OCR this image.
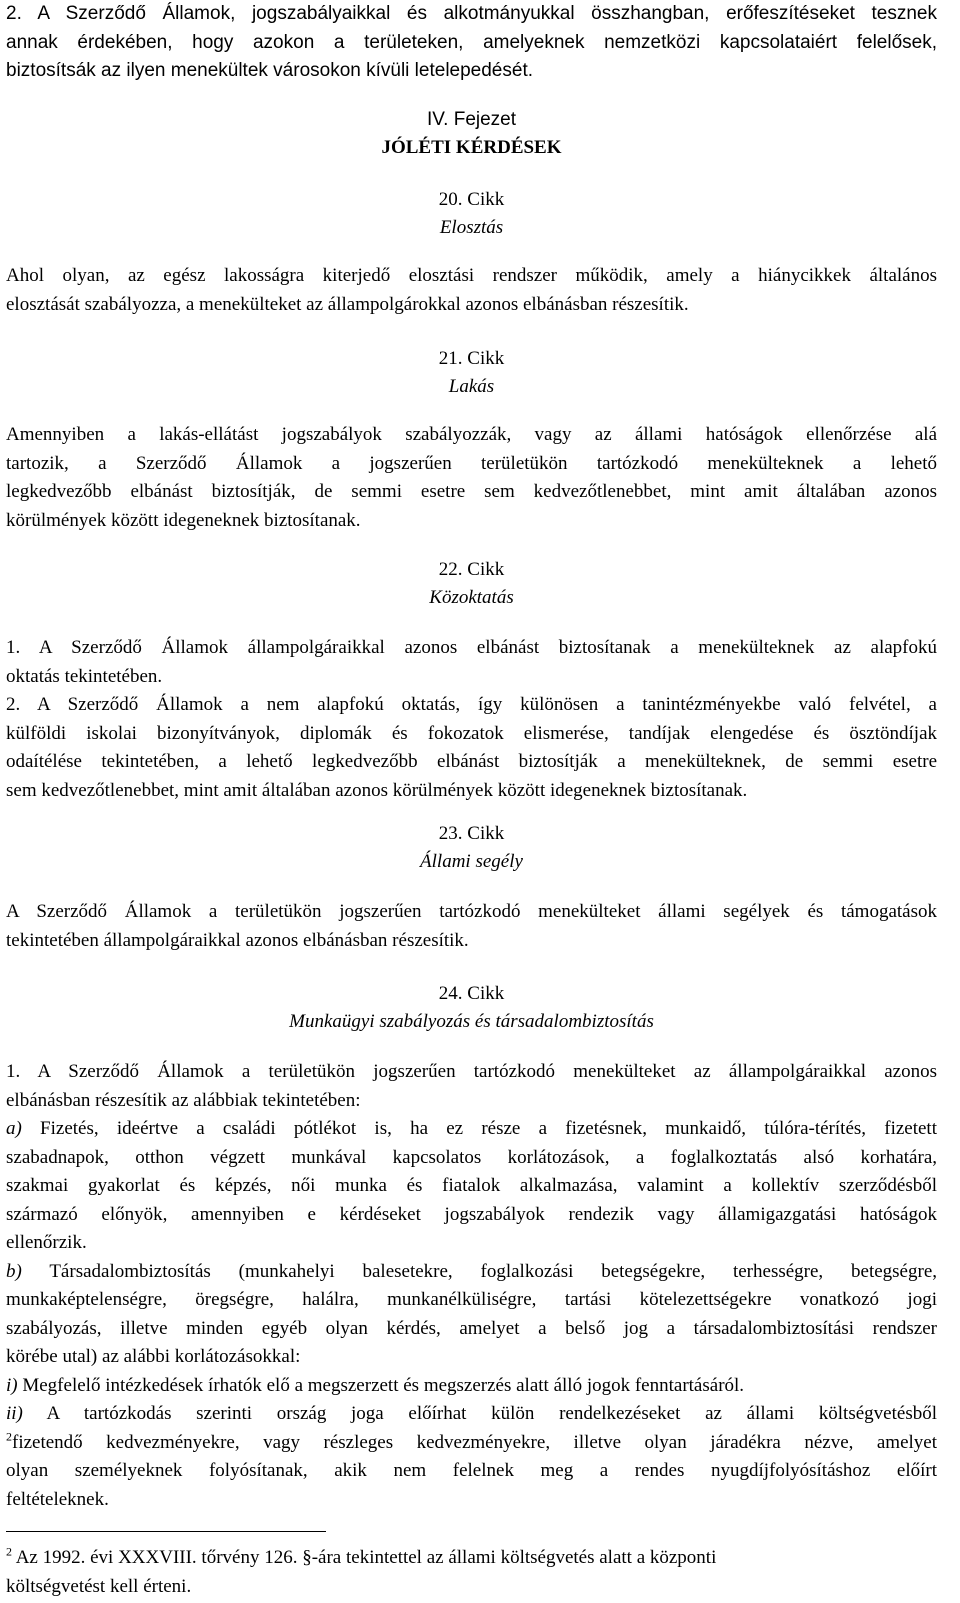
2. A Szerződő Államok, jogszabályaikkal és alkotmányukkal összhangban, erőfeszítéseket tesznek

annak érdekében, hogy azokon a területeken, amelyeknek nemzetközi kapcsolataiért felelősek,

biztosítsák az ilyen menekültek városokon kívüli letelepedését.

IV. Fejezet
JÓLÉTI KÉRDÉSEK
20. Cikk
Elosztás

Ahol olyan, az egész lakosságra kiterjedő elosztási rendszer működik, amely a hiánycikkek általános

elosztását szabályozza, a menekülteket az állampolgárokkal azonos elbánásban részesítik.

21. Cikk
Lakás

Amennyiben a lakás-ellátást jogszabályok szabályozzák, vagy az állami hatóságok ellenőrzése alá

tartozik, a Szerződő Államok a jogszerűen területükön tartózkodó menekülteknek a lehető

legkedvezőbb elbánást biztosítják, de semmi esetre sem kedvezőtlenebbet, mint amit általában azonos

körülmények között idegeneknek biztosítanak.

22. Cikk
Közoktatás

1. A Szerződő Államok állampolgáraikkal azonos elbánást biztosítanak a menekülteknek az alapfokú

oktatás tekintetében.

2. A Szerződő Államok a nem alapfokú oktatás, így különösen a tanintézményekbe való felvétel, a

külföldi iskolai bizonyítványok, diplomák és fokozatok elismerése, tandíjak elengedése és ösztöndíjak

odaítélése tekintetében, a lehető legkedvezőbb elbánást biztosítják a menekülteknek, de semmi esetre

sem kedvezőtlenebbet, mint amit általában azonos körülmények között idegeneknek biztosítanak.

23. Cikk
Állami segély

A Szerződő Államok a területükön jogszerűen tartózkodó menekülteket állami segélyek és támogatások

tekintetében állampolgáraikkal azonos elbánásban részesítik.

24. Cikk
Munkaügyi szabályozás és társadalombiztosítás

1. A Szerződő Államok a területükön jogszerűen tartózkodó menekülteket az állampolgáraikkal azonos

elbánásban részesítik az alábbiak tekintetében:

a) Fizetés, ideértve a családi pótlékot is, ha ez része a fizetésnek, munkaidő, túlóra-térítés, fizetett

szabadnapok, otthon végzett munkával kapcsolatos korlátozások, a foglalkoztatás alsó korhatára,

szakmai gyakorlat és képzés, női munka és fiatalok alkalmazása, valamint a kollektív szerződésből

származó előnyök, amennyiben e kérdéseket jogszabályok rendezik vagy államigazgatási hatóságok

ellenőrzik.

b) Társadalombiztosítás (munkahelyi balesetekre, foglalkozási betegségekre, terhességre, betegségre,

munkaképtelenségre, öregségre, halálra, munkanélküliségre, tartási kötelezettségekre vonatkozó jogi

szabályozás, illetve minden egyéb olyan kérdés, amelyet a belső jog a társadalombiztosítási rendszer

körébe utal) az alábbi korlátozásokkal:

i) Megfelelő intézkedések írhatók elő a megszerzett és megszerzés alatt álló jogok fenntartásáról.

ii) A tartózkodás szerinti ország joga előírhat külön rendelkezéseket az állami költségvetésből

$^2$fizetendő kedvezményekre, vagy részleges kedvezményekre, illetve olyan járadékra nézve, amelyet

olyan személyeknek folyósítanak, akik nem felelnek meg a rendes nyugdíjfolyósításhoz előírt

feltételeknek.

$^2$ Az 1992. évi XXXVIII. tőrvény 126. §-ára tekintettel az állami költségvetés alatt a központi

költségvetést kell érteni.
